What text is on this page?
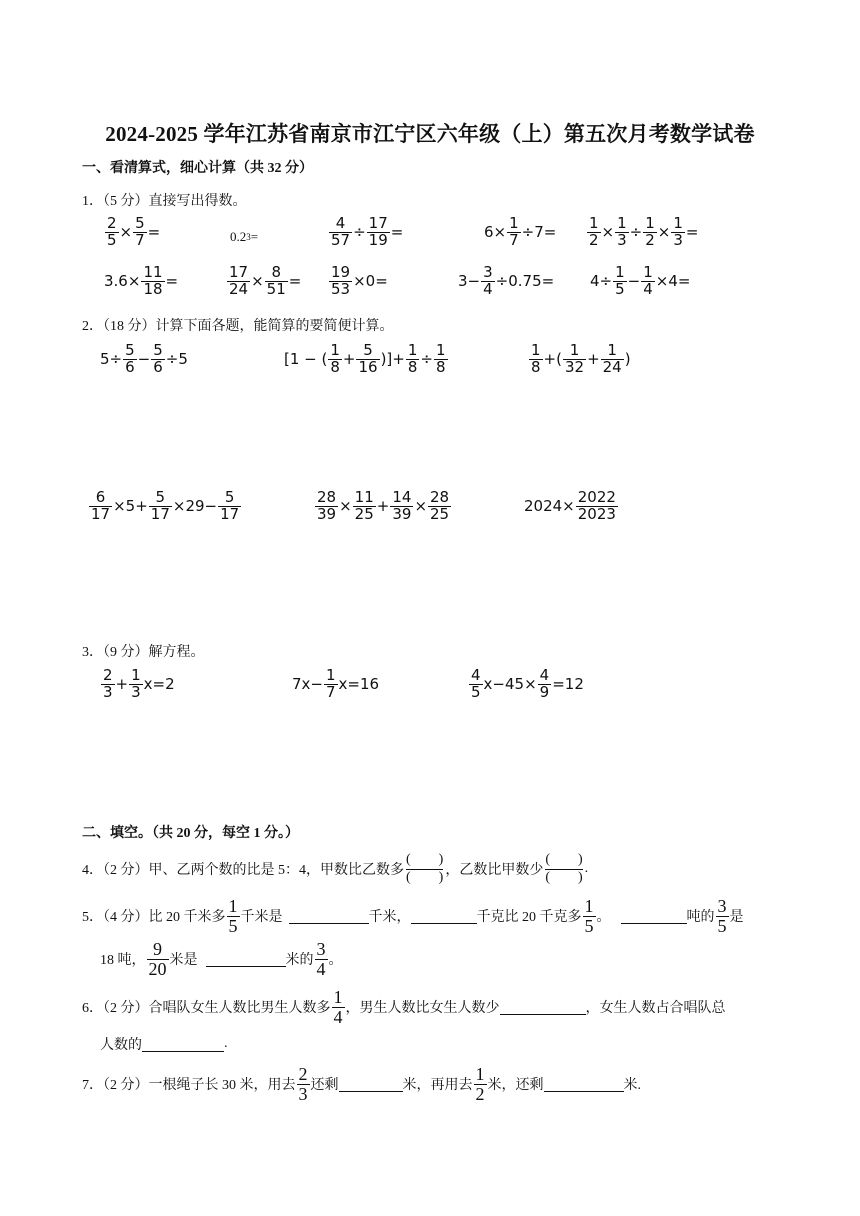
2024-2025 学年江苏省南京市江宁区六年级（上）第五次月考数学试卷
一、看清算式，细心计算（共 32 分）
1．（5 分）直接写出得数。
2
5 ×
5
7 =	0.2 3 =
4
57 ÷
17
19 =	6×
1
7 ÷7=
1
2 ×
1
3 ÷
1
2 ×
1
3 =
3.6×
11
18 =
17
24 ×
8
51 =
19
53 ×0=	3−
3
4 ÷0.75= 4÷
1
5 −
1
4 ×4=
2．（18 分）计算下面各题，能简算的要简便计算。
5÷
5
6 −
5
6 ÷5	[1 − (
1
8 +
5
16 )]+
1
8 ÷
1
8
1
8 +(
1
32 +
1
24 )
6
17 ×5+
5
17 ×29−
5
17
28
39 ×
11
25 +
14
39 ×
28
25	2024×
2022
2023
3．（9 分）解方程。
2
3 +
1
3 x=2	7x−
1
7 x=16
4
5 x−45×
4
9 =12
二、填空。（共 20 分，每空 1 分。）
4．（2 分）甲、乙两个数的比是 5：4，甲数比乙数多
(　　)
(　　) ，乙数比甲数少
(　　)
(　　)
.
5．（4 分）比 20 千米多
1
5 千米是	千米，	千克比 20 千克多
1
5 。	吨的
3
5 是
18 吨，
9
20 米是	米的
3
4 。
6．（2 分）合唱队女生人数比男生人数多
1
4 ，男生人数比女生人数少	，女生人数占合唱队总
人数的	.
7．（2 分）一根绳子长 30 米，用去
2
3 还剩	米，再用去
1
2 米，还剩	米.
